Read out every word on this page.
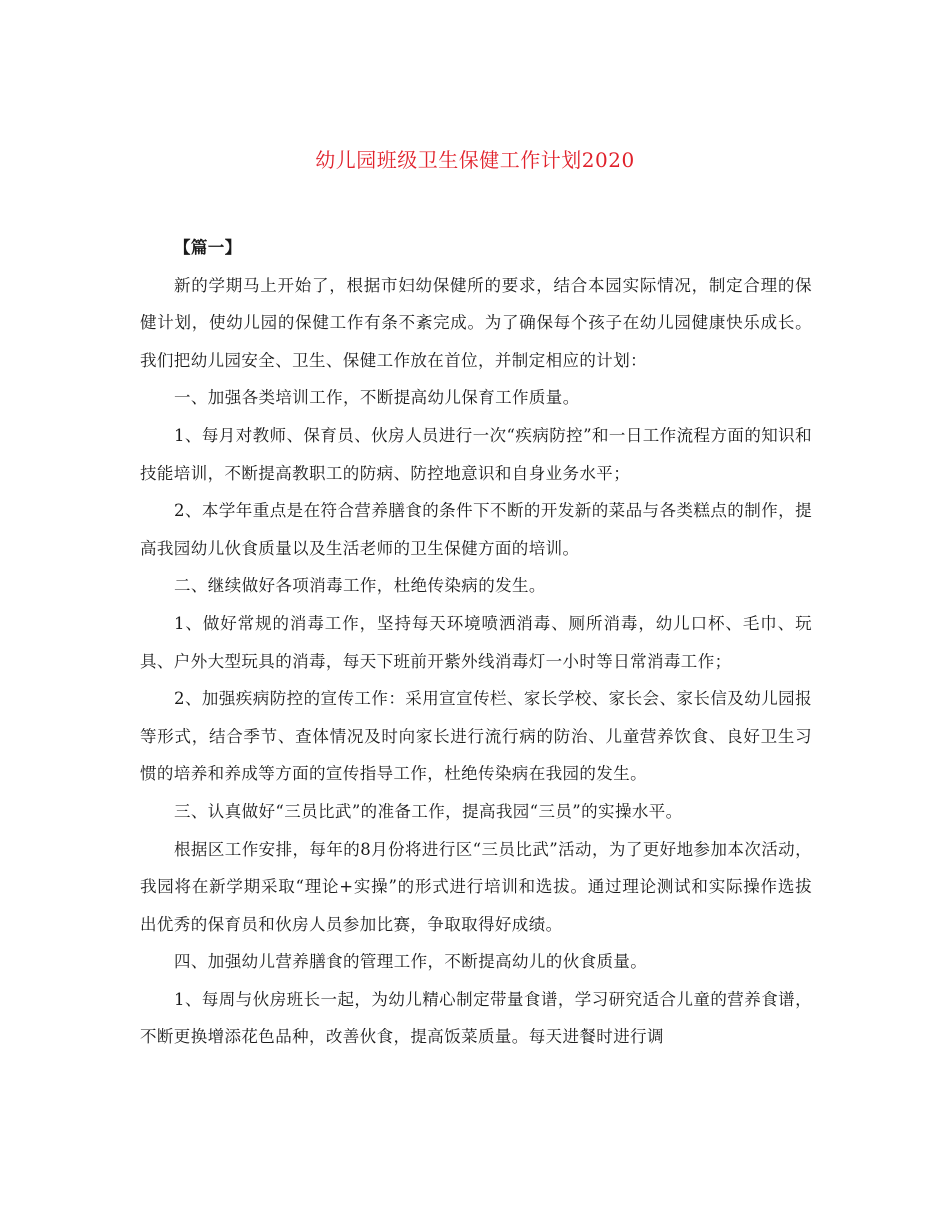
幼儿园班级卫生保健工作计划2020

【篇一】

新的学期马上开始了，根据市妇幼保健所的要求，结合本园实际情况，制定合理的保健计划，使幼儿园的保健工作有条不紊完成。为了确保每个孩子在幼儿园健康快乐成长。我们把幼儿园安全、卫生、保健工作放在首位，并制定相应的计划：

一、加强各类培训工作，不断提高幼儿保育工作质量。

1、每月对教师、保育员、伙房人员进行一次“疾病防控”和一日工作流程方面的知识和技能培训，不断提高教职工的防病、防控地意识和自身业务水平；

2、本学年重点是在符合营养膳食的条件下不断的开发新的菜品与各类糕点的制作，提高我园幼儿伙食质量以及生活老师的卫生保健方面的培训。

二、继续做好各项消毒工作，杜绝传染病的发生。

1、做好常规的消毒工作，坚持每天环境喷洒消毒、厕所消毒，幼儿口杯、毛巾、玩具、户外大型玩具的消毒，每天下班前开紫外线消毒灯一小时等日常消毒工作；

2、加强疾病防控的宣传工作：采用宣宣传栏、家长学校、家长会、家长信及幼儿园报等形式，结合季节、查体情况及时向家长进行流行病的防治、儿童营养饮食、良好卫生习惯的培养和养成等方面的宣传指导工作，杜绝传染病在我园的发生。

三、认真做好“三员比武”的准备工作，提高我园“三员”的实操水平。

根据区工作安排，每年的8月份将进行区“三员比武”活动，为了更好地参加本次活动，我园将在新学期采取“理论+实操”的形式进行培训和选拔。通过理论测试和实际操作选拔出优秀的保育员和伙房人员参加比赛，争取取得好成绩。

四、加强幼儿营养膳食的管理工作，不断提高幼儿的伙食质量。

1、每周与伙房班长一起，为幼儿精心制定带量食谱，学习研究适合儿童的营养食谱，不断更换增添花色品种，改善伙食，提高饭菜质量。每天进餐时进行调
